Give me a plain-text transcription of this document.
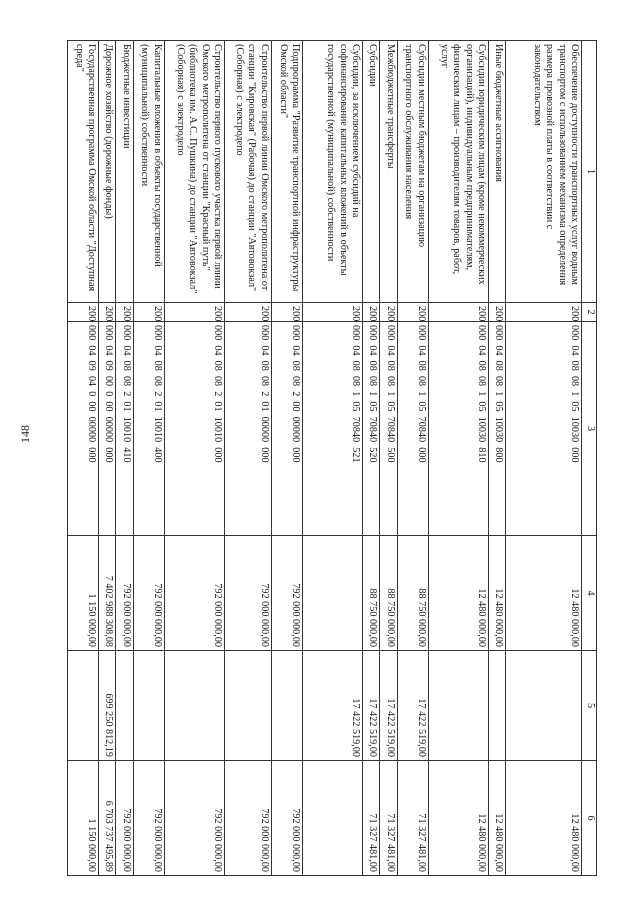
148
1	2	3	4	5	6
Обеспечение доступности транспортных услуг водным транспортом с использованием механизма определения размера провозной платы в соответствии с законодательством	200	000  04  08  08  1  05  10030  000	12 480 000,00		12 480 000,00
Иные бюджетные ассигнования	200	000  04  08  08  1  05  10030  800	12 480 000,00		12 480 000,00
Субсидии юридическим лицам (кроме некоммерческих организаций), индивидуальным предпринимателям, физическим лицам – производителям товаров, работ, услуг	200	000  04  08  08  1  05  10030  810	12 480 000,00		12 480 000,00
Субсидии местным бюджетам на организацию транспортного обслуживания населения	200	000  04  08  08  1  05  70840  000	88 750 000,00	17 422 519,00	71 327 481,00
Межбюджетные трансферты	200	000  04  08  08  1  05  70840  500	88 750 000,00	17 422 519,00	71 327 481,00
Субсидии	200	000  04  08  08  1  05  70840  520	88 750 000,00	17 422 519,00	71 327 481,00
Субсидии, за исключением субсидий на софинансирование капитальных вложений в объекты государственной (муниципальной) собственности	200	000  04  08  08  1  05  70840  521		17 422 519,00	
Подпрограмма "Развитие транспортной инфраструктуры Омской области"	200	000  04  08  08  2  00  00000  000	792 000 000,00		792 000 000,00
Строительство первой линии Омского метрополитена от станции "Кировская" (Рабочая) до станции "Автовокзал" (Соборная) с электродепо	200	000  04  08  08  2  01  00000  000	792 000 000,00		792 000 000,00
Строительство первого пускового участка первой линии Омского метрополитена от станции "Красный путь" (библиотека им. А.С. Пушкина) до станции "Автовокзал" (Соборная) с электродепо	200	000  04  08  08  2  01  10010  000	792 000 000,00		792 000 000,00
Капитальные вложения в объекты государственной (муниципальной) собственности	200	000  04  08  08  2  01  10010  400	792 000 000,00		792 000 000,00
Бюджетные инвестиции	200	000  04  08  08  2  01  10010  410	792 000 000,00		792 000 000,00
Дорожное хозяйство (дорожные фонды)	200	000  04  09  00  0  00  00000  000	7 402 988 308,08	699 250 812,19	6 703 737 495,89
Государственная программа Омской области "Доступная среда"	200	000  04  09  04  0  00  00000  000	1 150 000,00		1 150 000,00
